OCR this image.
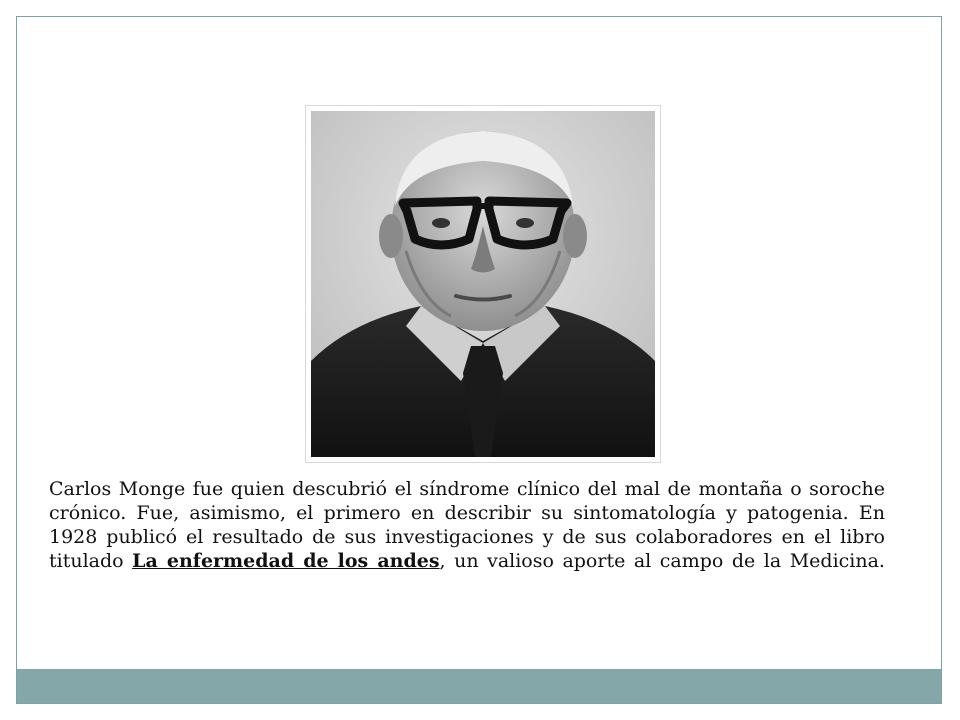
Carlos Monge fue quien descubrió el síndrome clínico del mal de montaña o soroche crónico. Fue, asimismo, el primero en describir su sintomatología y patogenia. En 1928 publicó el resultado de sus investigaciones y de sus colaboradores en el libro titulado La enfermedad de los andes, un valioso aporte al campo de la Medicina.
